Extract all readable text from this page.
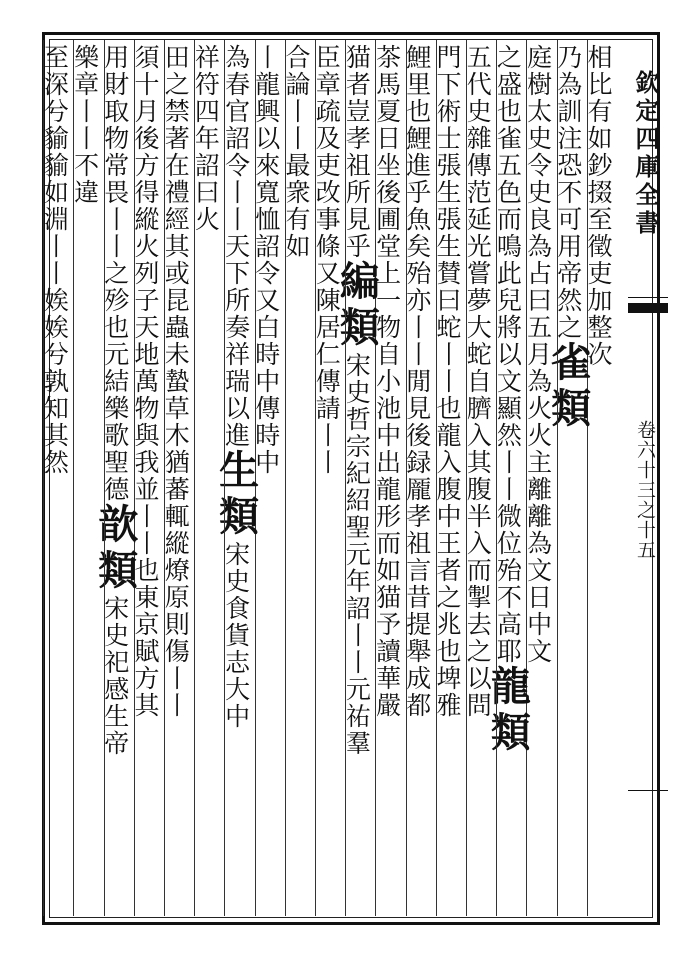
相比有如鈔掇至徵吏加整次
乃為訓注恐不可用帝然之雀類
庭樹太史令史良為占曰五月為火火主離離為文日中文
之盛也雀五色而鳴此兒將以文顯然丨丨微位殆不高耶龍類
五代史雜傳范延光嘗夢大蛇自臍入其腹半入而掣去之以問
門下術士張生張生賛曰蛇丨丨也龍入腹中王者之兆也埤雅
鯉里也鯉進乎魚矣殆亦丨丨閒見後録龎孝祖言昔提舉成都
茶馬夏日坐後圃堂上一物自小池中出龍形而如猫予讀華嚴
猫者豈孝祖所見乎編類宋史哲宗紀紹聖元年詔丨丨元祐羣
臣章疏及吏改事條又陳居仁傳請丨丨
合論丨丨最衆有如
丨龍興以來寬恤詔令又白時中傳時中
為春官詔令丨丨天下所奏祥瑞以進生類宋史食貨志大中
祥符四年詔曰火
田之禁著在禮經其或昆蟲未蟄草木猶蕃輒縱燎原則傷丨丨
須十月後方得縱火列子天地萬物與我並丨丨也東京賦方其
用財取物常畏丨丨之殄也元結樂歌聖德歆類宋史祀感生帝
樂章丨丨不違
至深兮貐貐如淵丨丨娭娭兮孰知其然	欽定四庫全書
卷六十三之十五
